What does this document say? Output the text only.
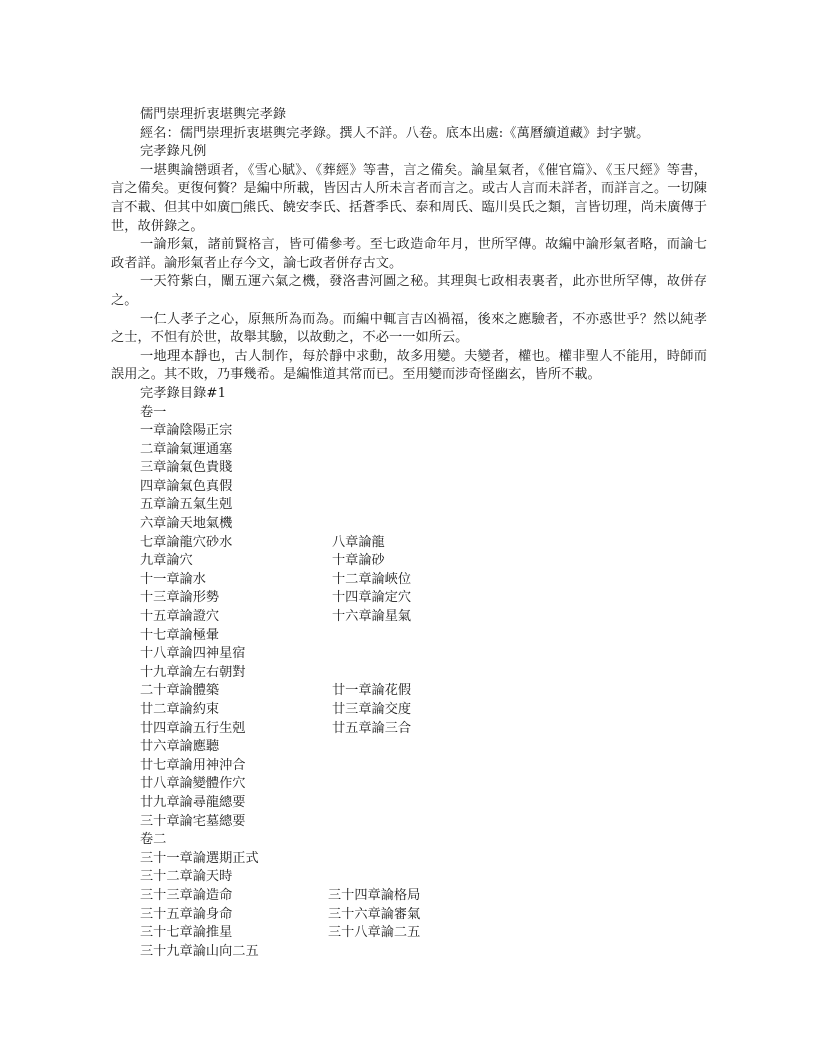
儒門崇理折衷堪輿完孝錄
經名：儒門崇理折衷堪輿完孝錄。撰人不詳。八卷。底本出處:《萬曆續道藏》封字號。
完孝錄凡例

一堪輿論巒頭者，《雪心賦》、《葬經》等書，言之備矣。論星氣者，《催官篇》、《玉尺經》等書，言之備矣。更復何贅？是編中所載，皆因古人所未言者而言之。或古人言而未詳者，而詳言之。一切陳言不載、但其中如廣□熊氏、饒安李氏、括蒼季氏、泰和周氏、臨川吳氏之類，言皆切理，尚未廣傳于世，故併錄之。

一論形氣，諸前賢格言，皆可備參考。至七政造命年月，世所罕傳。故編中論形氣者略，而論七政者詳。論形氣者止存今文，論七政者併存古文。

一天符紫白，闡五運六氣之機，發洛書河圖之秘。其理與七政相表裏者，此亦世所罕傳，故併存之。

一仁人孝子之心，原無所為而為。而編中輒言吉凶禍福，後來之應驗者，不亦惑世乎？然以純孝之士，不怛有於世，故舉其驗，以故動之，不必一一如所云。

一地理本靜也，古人制作，每於靜中求動，故多用變。夫變者，權也。權非聖人不能用，時師而誤用之。其不敗，乃事幾希。是編惟道其常而已。至用變而涉奇怪幽玄，皆所不載。

完孝錄目錄#1
卷一
一章論陰陽正宗
二章論氣運通塞
三章論氣色貴賤
四章論氣色真假
五章論五氣生剋
六章論天地氣機
七章論龍穴砂水	八章論龍
九章論穴	十章論砂
十一章論水	十二章論峽位
十三章論形勢	十四章論定穴
十五章論證穴	十六章論星氣
十七章論極暈
十八章論四神星宿
十九章論左右朝對
二十章論體築	廿一章論花假
廿二章論約束	廿三章論交度
廿四章論五行生剋	廿五章論三合
廿六章論應聽
廿七章論用神沖合
廿八章論變體作穴
廿九章論尋龍總要
三十章論宅墓總要
卷二
三十一章論選期正式
三十二章論天時
三十三章論造命	三十四章論格局
三十五章論身命	三十六章論審氣
三十七章論推星	三十八章論二五
三十九章論山向二五
